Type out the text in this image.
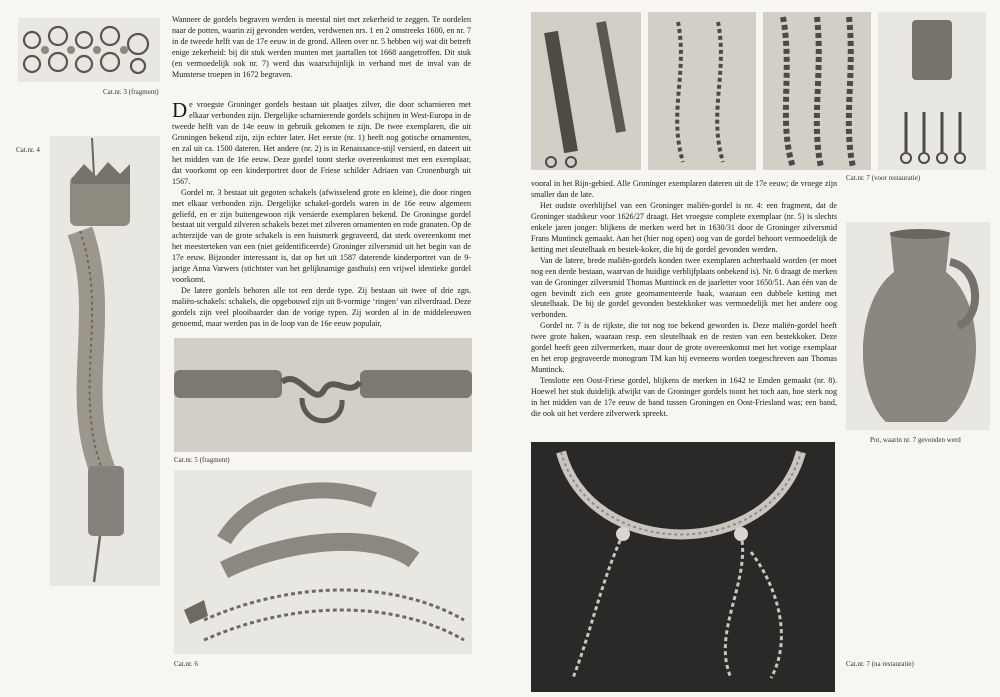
Cat.nr. 3 (fragment)
Cat.nr. 4

Wanneer de gordels begraven werden is meestal niet met zekerheid te zeggen. Te oordelen naar de potten, waarin zij gevonden werden, verdwenen nrs. 1 en 2 omstreeks 1600, en nr. 7 in de tweede helft van de 17e eeuw in de grond. Alleen over nr. 5 hebben wij wat dit betreft enige zekerheid: bij dit stuk werden munten met jaartallen tot 1668 aangetroffen. Dit stuk (en vermoedelijk ook nr. 7) werd dus waarschijnlijk in verband met de inval van de Munsterse troepen in 1672 begraven.

De vroegste Groninger gordels bestaan uit plaatjes zilver, die door scharnieren met elkaar verbonden zijn. Dergelijke scharnierende gordels schijnen in West-Europa in de tweede helft van de 14e eeuw in gebruik gekomen te zijn. De twee exemplaren, die uit Groningen bekend zijn, zijn echter later. Het eerste (nr. 1) heeft nog gotische ornamenten, en zal uit ca. 1500 dateren. Het andere (nr. 2) is in Renaissance-stijl versierd, en dateert uit het midden van de 16e eeuw. Deze gordel toont sterke overeenkomst met een exemplaar, dat voorkomt op een kinderportret door de Friese schilder Adriaen van Cronenburgh uit 1567.

Gordel nr. 3 bestaat uit gegoten schakels (afwisselend grote en kleine), die door ringen met elkaar verbonden zijn. Dergelijke schakel-gordels waren in de 16e eeuw algemeen geliefd, en er zijn buitengewoon rijk versierde exemplaren bekend. De Groningse gordel bestaat uit verguld zilveren schakels bezet met zilveren ornamenten en rode granaten. Op de achterzijde van de grote schakels is een huismerk gegraveerd, dat sterk overeenkomt met het meesterteken van een (niet geïdentificeerde) Groninger zilversmid uit het begin van de 17e eeuw. Bijzonder interessant is, dat op het uit 1587 daterende kinderportret van de 9-jarige Anna Varwers (stichtster van het gelijknamige gasthuis) een vrijwel identieke gordel voorkomt.

De latere gordels behoren alle tot een derde type. Zij bestaan uit twee of drie zgn. maliën-schakels: schakels, die opgebouwd zijn uit 8-vormige ‘ringen’ van zilverdraad. Deze gordels zijn veel plooibaarder dan de vorige typen. Zij worden al in de middeleeuwen genoemd, maar werden pas in de loop van de 16e eeuw populair,

Cat.nr. 5 (fragment)
Cat.nr. 6
Cat.nr. 7 (voor restauratie)

vooral in het Rijn-gebied. Alle Groninger exemplaren dateren uit de 17e eeuw; de vroege zijn smaller dan de late.

Het oudste overblijfsel van een Groninger maliën-gordel is nr. 4: een fragment, dat de Groninger stadskeur voor 1626/27 draagt. Het vroegste complete exemplaar (nr. 5) is slechts enkele jaren jonger: blijkens de merken werd het in 1630/31 door de Groninger zilversmid Frans Muntinck gemaakt. Aan het (hier nog open) oog van de gordel behoort vermoedelijk de ketting met sleutelhaak en bestek-koker, die bij de gordel gevonden werden.

Van de latere, brede maliën-gordels konden twee exemplaren achterhaald worden (er moet nog een derde bestaan, waarvan de huidige verblijfplaats onbekend is). Nr. 6 draagt de merken van de Groninger zilversmid Thomas Muntinck en de jaarletter voor 1650/51. Aan één van de ogen bevindt zich een grote geornamenteerde haak, waaraan een dubbele ketting met sleutelhaak. De bij de gordel gevonden bestekkoker was vermoedelijk met het andere oog verbonden.

Gordel nr. 7 is de rijkste, die tot nog toe bekend geworden is. Deze maliën-gordel heeft twee grote haken, waaraan resp. een sleutelhaak en de resten van een bestekkoker. Deze gordel heeft geen zilvermerken, maar door de grote overeenkomst met het vorige exemplaar en het erop gegraveerde monogram TM kan hij eveneens worden toegeschreven aan Thomas Muntinck.

Tenslotte een Oost-Friese gordel, blijkens de merken in 1642 te Emden gemaakt (nr. 8). Hoewel het stuk duidelijk afwijkt van de Groninger gordels toont het toch aan, hoe sterk nog in het midden van de 17e eeuw de band tussen Groningen en Oost-Friesland was; een band, die ook uit het verdere zilverwerk spreekt.

Pot, waarin nr. 7 gevonden werd
Cat.nr. 7 (na restauratie)
